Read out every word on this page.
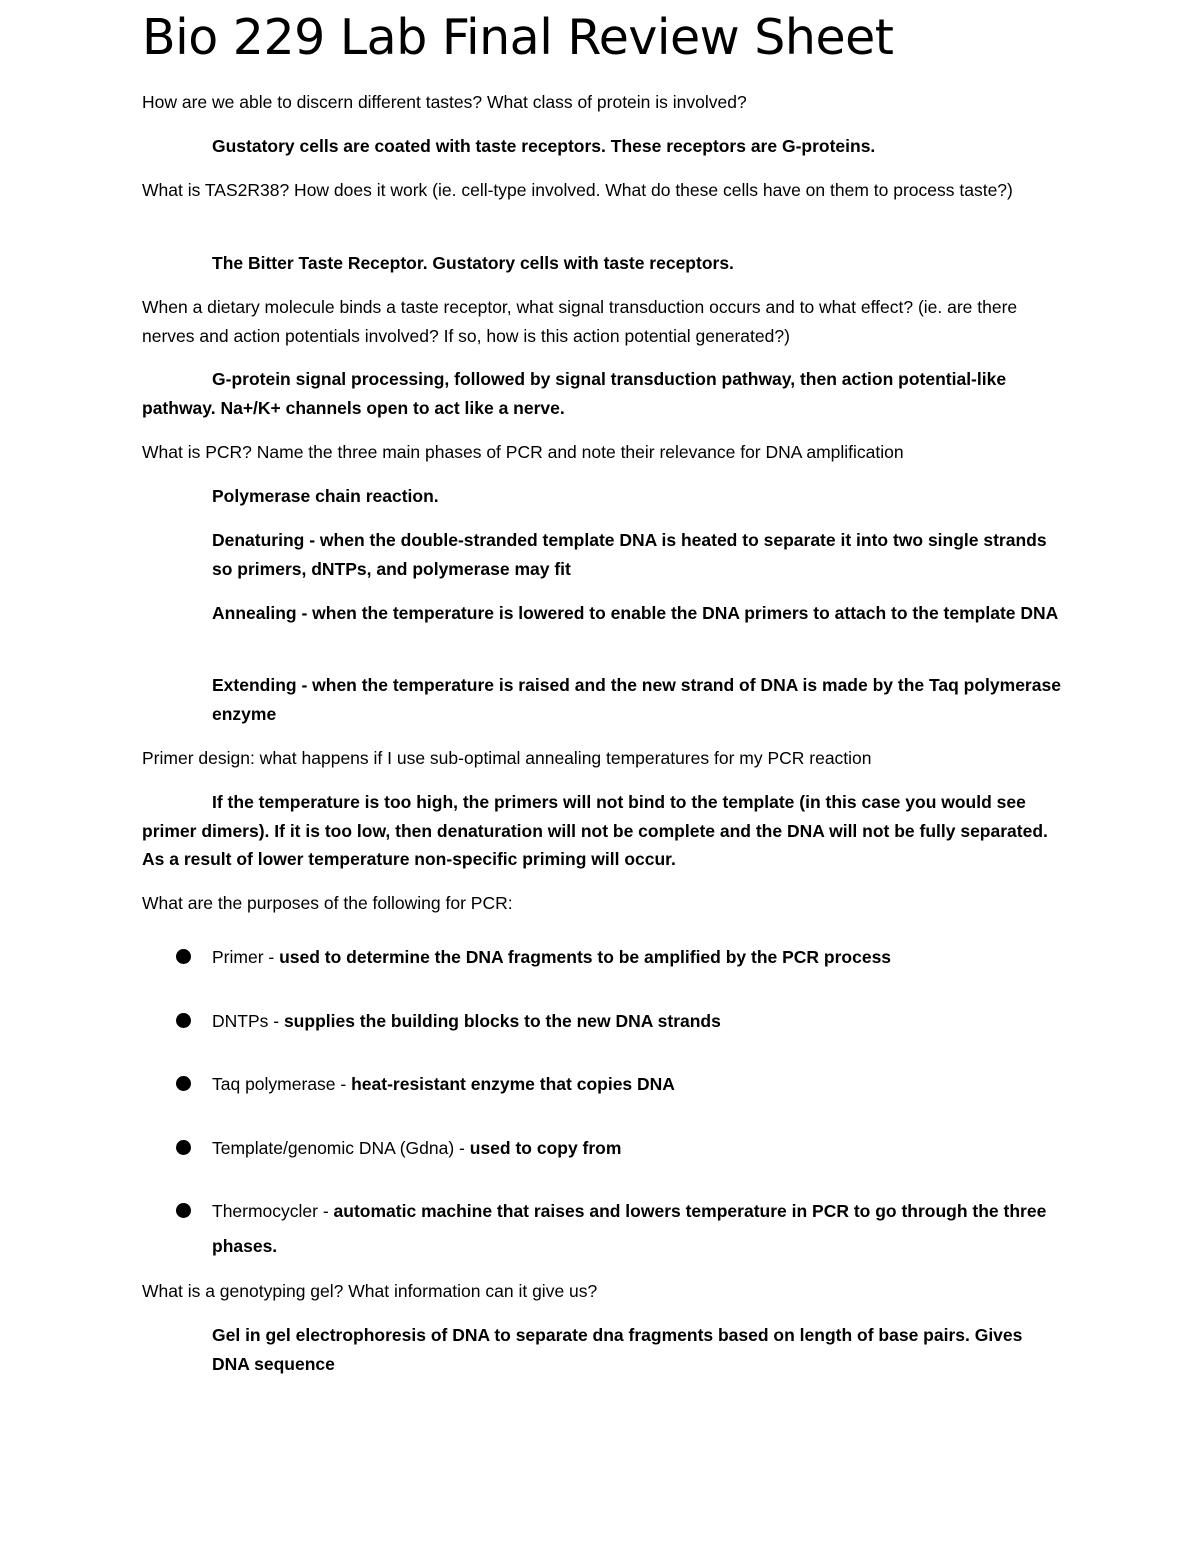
Bio 229 Lab Final Review Sheet

How are we able to discern different tastes? What class of protein is involved?

Gustatory cells are coated with taste receptors. These receptors are G-proteins.

What is TAS2R38? How does it work (ie. cell-type involved. What do these cells have on them to process taste?)

The Bitter Taste Receptor. Gustatory cells with taste receptors.

When a dietary molecule binds a taste receptor, what signal transduction occurs and to what effect? (ie. are there nerves and action potentials involved? If so, how is this action potential generated?)

G-protein signal processing, followed by signal transduction pathway, then action potential-like pathway. Na+/K+ channels open to act like a nerve.

What is PCR? Name the three main phases of PCR and note their relevance for DNA amplification

Polymerase chain reaction.

Denaturing - when the double-stranded template DNA is heated to separate it into two single strands so primers, dNTPs, and polymerase may fit

Annealing - when the temperature is lowered to enable the DNA primers to attach to the template DNA

Extending - when the temperature is raised and the new strand of DNA is made by the Taq polymerase enzyme

Primer design: what happens if I use sub-optimal annealing temperatures for my PCR reaction

If the temperature is too high, the primers will not bind to the template (in this case you would see primer dimers). If it is too low, then denaturation will not be complete and the DNA will not be fully separated. As a result of lower temperature non-specific priming will occur.

What are the purposes of the following for PCR:

Primer - used to determine the DNA fragments to be amplified by the PCR process
DNTPs - supplies the building blocks to the new DNA strands
Taq polymerase - heat-resistant enzyme that copies DNA
Template/genomic DNA (Gdna) - used to copy from
Thermocycler - automatic machine that raises and lowers temperature in PCR to go through the three phases.

What is a genotyping gel? What information can it give us?

Gel in gel electrophoresis of DNA to separate dna fragments based on length of base pairs. Gives DNA sequence
